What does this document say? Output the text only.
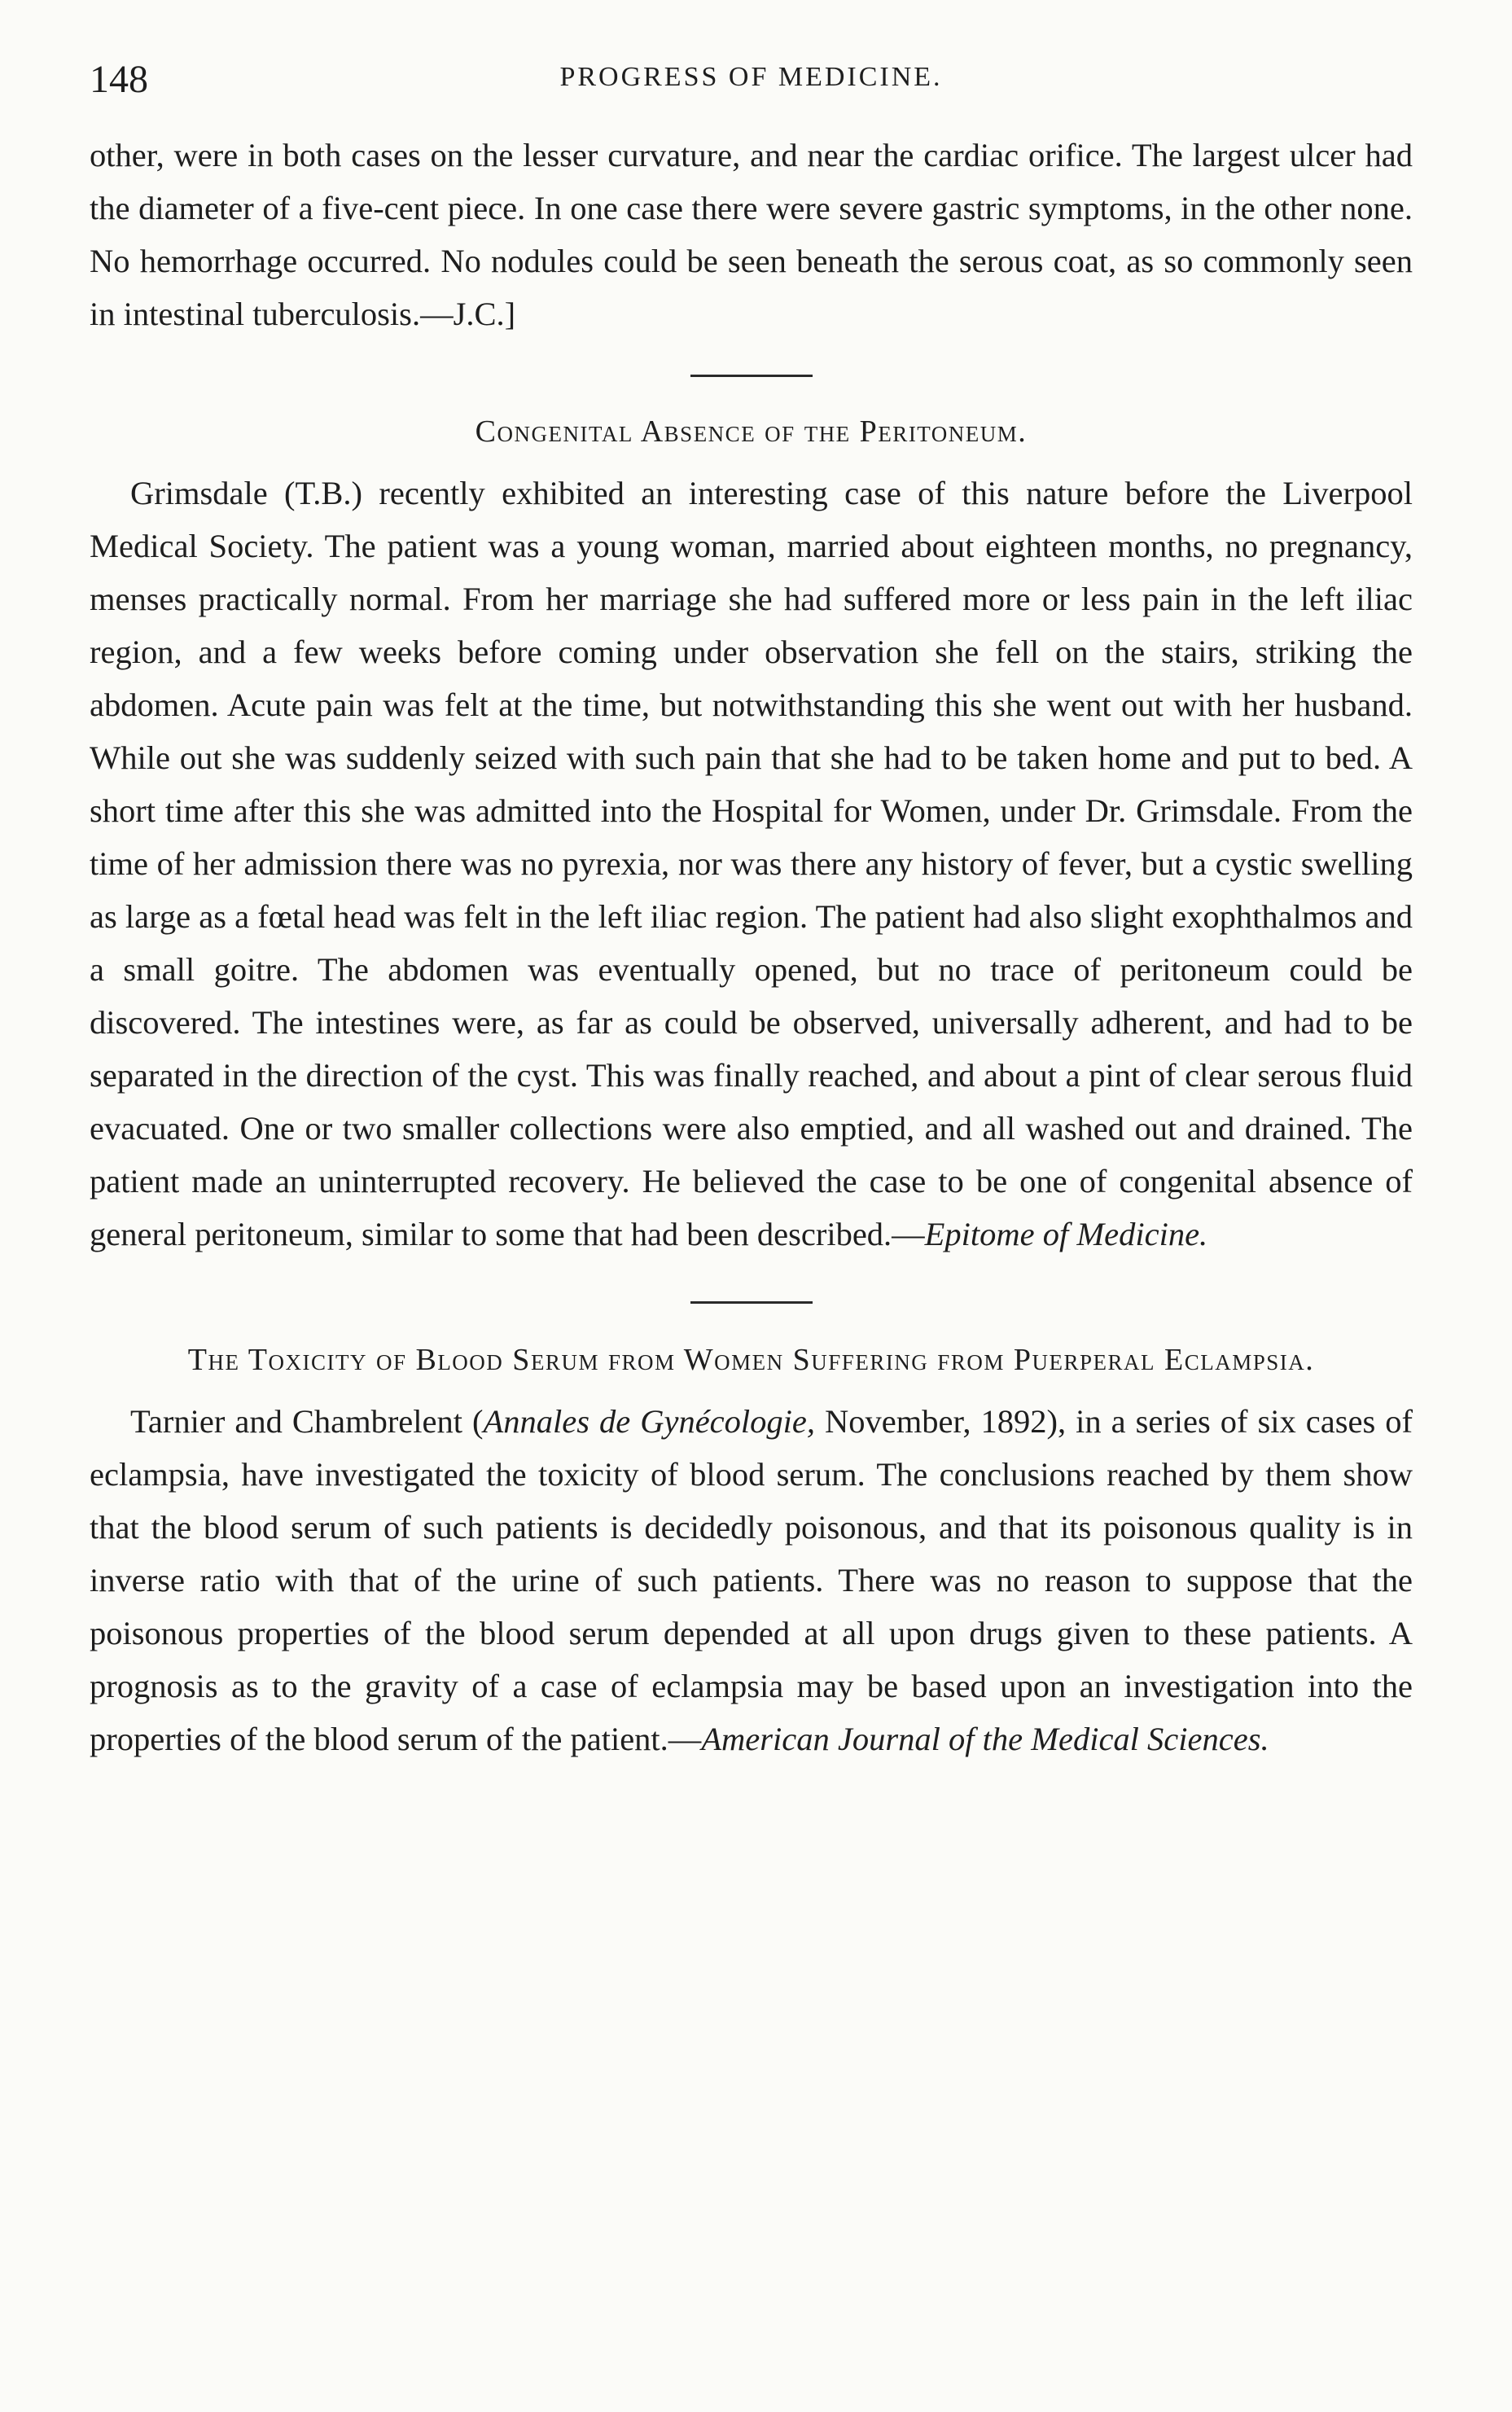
148	PROGRESS OF MEDICINE.

other, were in both cases on the lesser curvature, and near the cardiac orifice. The largest ulcer had the diameter of a five-cent piece. In one case there were severe gastric symptoms, in the other none. No hemorrhage occurred. No nodules could be seen beneath the serous coat, as so commonly seen in intestinal tuberculosis.—J.C.]

Congenital Absence of the Peritoneum.

Grimsdale (T.B.) recently exhibited an interesting case of this nature before the Liverpool Medical Society. The patient was a young woman, married about eighteen months, no pregnancy, menses practically normal. From her marriage she had suffered more or less pain in the left iliac region, and a few weeks before coming under observation she fell on the stairs, striking the abdomen. Acute pain was felt at the time, but notwithstanding this she went out with her husband. While out she was suddenly seized with such pain that she had to be taken home and put to bed. A short time after this she was admitted into the Hospital for Women, under Dr. Grimsdale. From the time of her admission there was no pyrexia, nor was there any history of fever, but a cystic swelling as large as a fœtal head was felt in the left iliac region. The patient had also slight exophthalmos and a small goitre. The abdomen was eventually opened, but no trace of peritoneum could be discovered. The intestines were, as far as could be observed, universally adherent, and had to be separated in the direction of the cyst. This was finally reached, and about a pint of clear serous fluid evacuated. One or two smaller collections were also emptied, and all washed out and drained. The patient made an uninterrupted recovery. He believed the case to be one of congenital absence of general peritoneum, similar to some that had been described.—Epitome of Medicine.

The Toxicity of Blood Serum from Women Suffering from Puerperal Eclampsia.

Tarnier and Chambrelent (Annales de Gynécologie, November, 1892), in a series of six cases of eclampsia, have investigated the toxicity of blood serum. The conclusions reached by them show that the blood serum of such patients is decidedly poisonous, and that its poisonous quality is in inverse ratio with that of the urine of such patients. There was no reason to suppose that the poisonous properties of the blood serum depended at all upon drugs given to these patients. A prognosis as to the gravity of a case of eclampsia may be based upon an investigation into the properties of the blood serum of the patient.—American Journal of the Medical Sciences.
